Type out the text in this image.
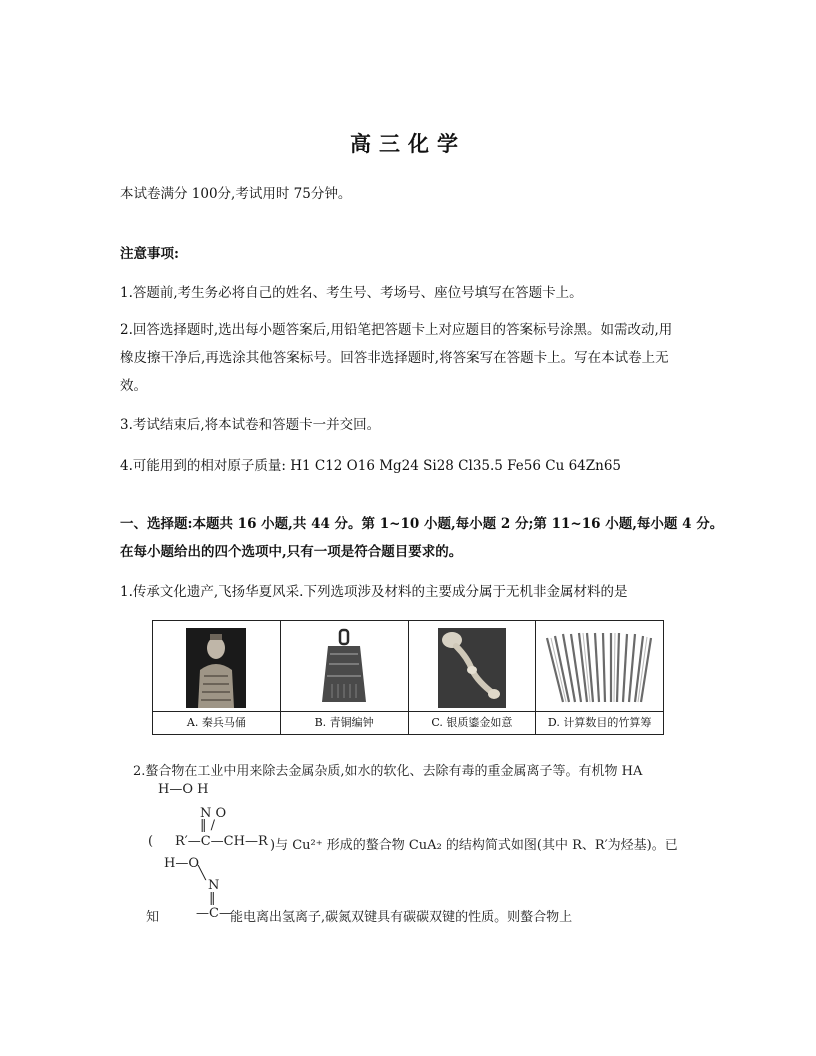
高三化学
本试卷满分 100分,考试用时 75分钟。
注意事项:
1.答题前,考生务必将自己的姓名、考生号、考场号、座位号填写在答题卡上。
2.回答选择题时,选出每小题答案后,用铅笔把答题卡上对应题目的答案标号涂黑。如需改动,用
橡皮擦干净后,再选涂其他答案标号。回答非选择题时,将答案写在答题卡上。写在本试卷上无
效。
3.考试结束后,将本试卷和答题卡一并交回。
4.可能用到的相对原子质量: H1 C12 O16 Mg24 Si28 Cl35.5 Fe56 Cu 64Zn65
一、选择题:本题共 16 小题,共 44 分。第 1~10 小题,每小题 2 分;第 11~16 小题,每小题 4 分。
在每小题给出的四个选项中,只有一项是符合题目要求的。
1.传承文化遗产,飞扬华夏风采.下列选项涉及材料的主要成分属于无机非金属材料的是
A. 秦兵马俑	B. 青铜编钟	C. 银质鎏金如意	D. 计算数目的竹算筹
2.螯合物在工业中用来除去金属杂质,如水的软化、去除有毒的重金属离子等。有机物 HA
H—O H
N O
‖ /
( R′—C—CH—R )与 Cu²⁺ 形成的螯合物 CuA₂ 的结构简式如图(其中 R、R′为烃基)。已
H—O
╲
N
‖
知	—C—
能电离出氢离子,碳氮双键具有碳碳双键的性质。则螯合物上
